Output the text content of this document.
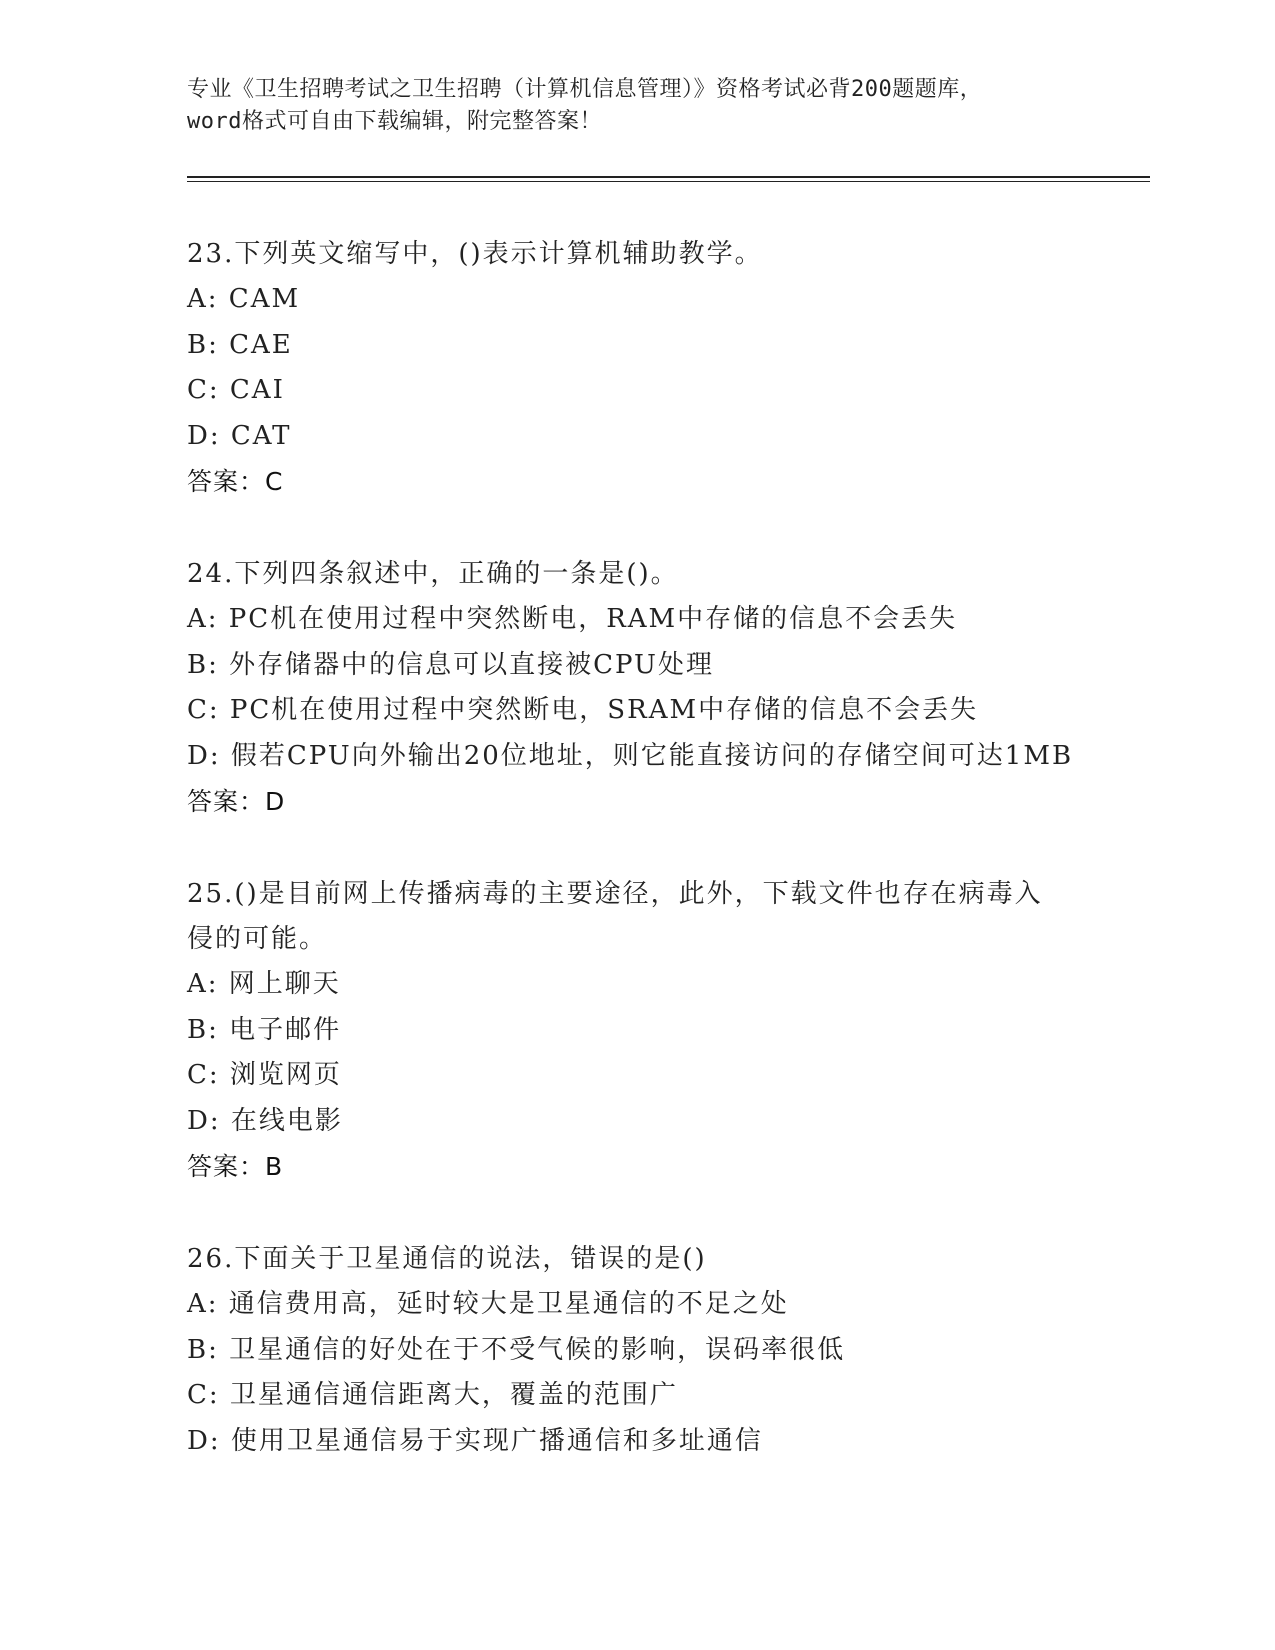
专业《卫生招聘考试之卫生招聘（计算机信息管理）》资格考试必背200题题库，
word格式可自由下载编辑，附完整答案！
23.下列英文缩写中，()表示计算机辅助教学。
A: CAM
B: CAE
C: CAI
D: CAT
答案：C
24.下列四条叙述中，正确的一条是()。
A: PC机在使用过程中突然断电，RAM中存储的信息不会丢失
B: 外存储器中的信息可以直接被CPU处理
C: PC机在使用过程中突然断电，SRAM中存储的信息不会丢失
D: 假若CPU向外输出20位地址，则它能直接访问的存储空间可达1MB
答案：D
25.()是目前网上传播病毒的主要途径，此外，下载文件也存在病毒入
侵的可能。
A: 网上聊天
B: 电子邮件
C: 浏览网页
D: 在线电影
答案：B
26.下面关于卫星通信的说法，错误的是()
A: 通信费用高，延时较大是卫星通信的不足之处
B: 卫星通信的好处在于不受气候的影响，误码率很低
C: 卫星通信通信距离大，覆盖的范围广
D: 使用卫星通信易于实现广播通信和多址通信
